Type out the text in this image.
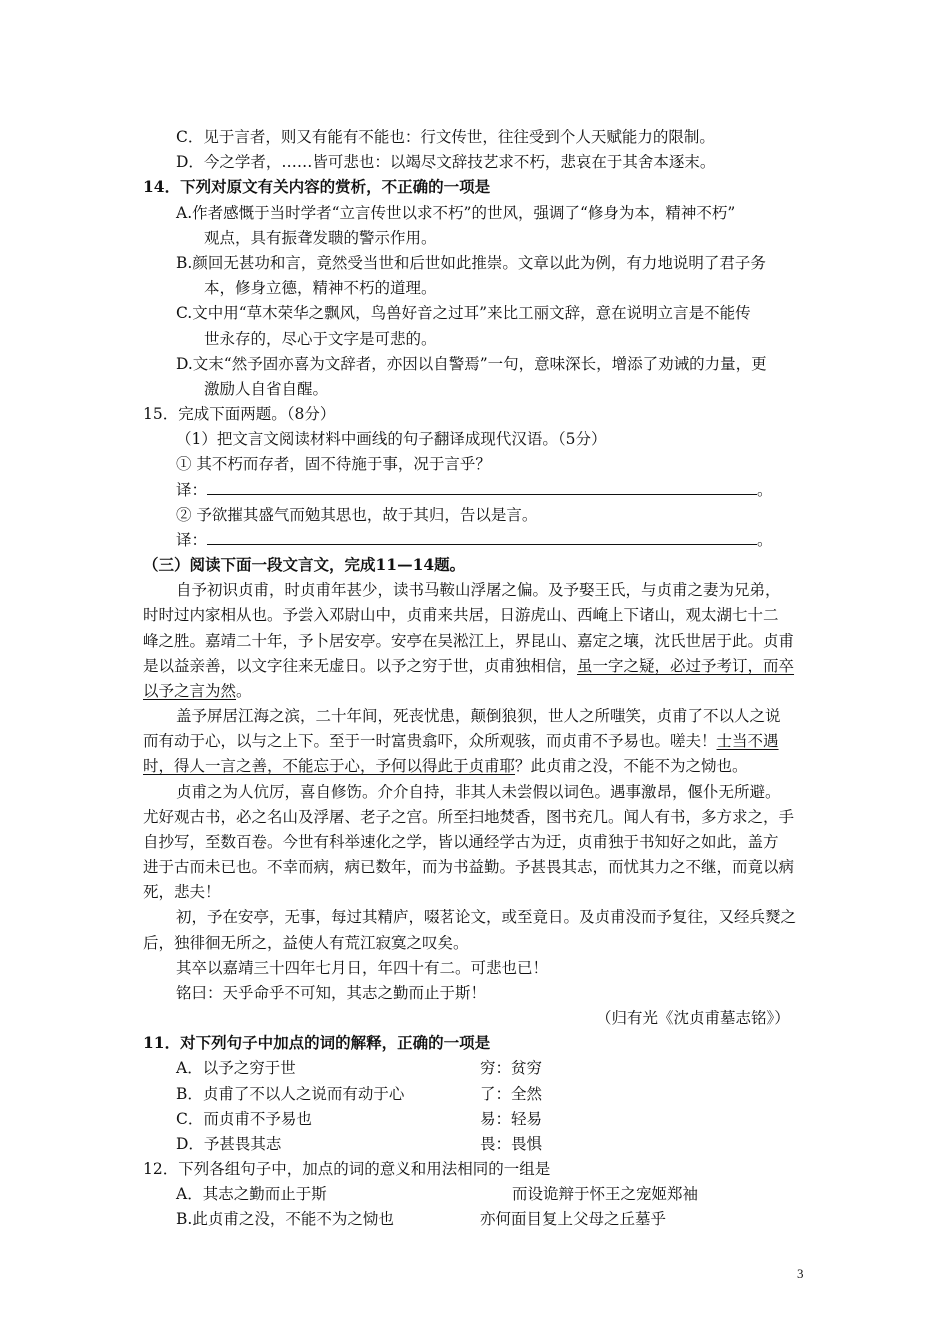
C．见于言者，则又有能有不能也：行文传世，往往受到个人天赋能力的限制。
D．今之学者，……皆可悲也：以竭尽文辞技艺求不朽，悲哀在于其舍本逐末。
14．下列对原文有关内容的赏析，不正确的一项是
A.作者感慨于当时学者“立言传世以求不朽”的世风，强调了“修身为本，精神不朽”
观点，具有振聋发聩的警示作用。
B.颜回无甚功和言，竟然受当世和后世如此推崇。文章以此为例，有力地说明了君子务
本，修身立德，精神不朽的道理。
C.文中用“草木荣华之飘风，鸟兽好音之过耳”来比工丽文辞，意在说明立言是不能传
世永存的，尽心于文字是可悲的。
D.文末“然予固亦喜为文辞者，亦因以自警焉”一句，意味深长，增添了劝诫的力量，更
激励人自省自醒。
15．完成下面两题。（8分）
（1）把文言文阅读材料中画线的句子翻译成现代汉语。（5分）
① 其不朽而存者，固不待施于事，况于言乎？
译：	。
② 予欲摧其盛气而勉其思也，故于其归，告以是言。
译：	。
（三）阅读下面一段文言文，完成11—14题。
自予初识贞甫，时贞甫年甚少，读书马鞍山浮屠之偏。及予娶王氏，与贞甫之妻为兄弟，
时时过内家相从也。予尝入邓尉山中，贞甫来共居，日游虎山、西崦上下诸山，观太湖七十二
峰之胜。嘉靖二十年，予卜居安亭。安亭在吴淞江上，界昆山、嘉定之壤，沈氏世居于此。贞甫
是以益亲善，以文字往来无虚日。以予之穷于世，贞甫独相信，虽一字之疑，必过予考订，而卒
以予之言为然。
盖予屏居江海之滨，二十年间，死丧忧患，颠倒狼狈，世人之所嗤笑，贞甫了不以人之说
而有动于心，以与之上下。至于一时富贵翕吓，众所观骇，而贞甫不予易也。嗟夫！士当不遇
时，得人一言之善，不能忘于心，予何以得此于贞甫耶？此贞甫之没，不能不为之恸也。
贞甫之为人伉厉，喜自修饬。介介自持，非其人未尝假以词色。遇事激昂，偃仆无所避。
尤好观古书，必之名山及浮屠、老子之宫。所至扫地焚香，图书充几。闻人有书，多方求之，手
自抄写，至数百卷。今世有科举速化之学，皆以通经学古为迂，贞甫独于书知好之如此，盖方
进于古而未已也。不幸而病，病已数年，而为书益勤。予甚畏其志，而忧其力之不继，而竟以病
死，悲夫！
初，予在安亭，无事，每过其精庐，啜茗论文，或至竟日。及贞甫没而予复往，又经兵燹之
后，独徘徊无所之，益使人有荒江寂寞之叹矣。
其卒以嘉靖三十四年七月日，年四十有二。可悲也已！
铭曰：天乎命乎不可知，其志之勤而止于斯！
（归有光《沈贞甫墓志铭》）
11．对下列句子中加点的词的解释，正确的一项是
A．以予之穷于世	穷：贫穷
B．贞甫了不以人之说而有动于心	了：全然
C．而贞甫不予易也	易：轻易
D．予甚畏其志	畏：畏惧
12．下列各组句子中，加点的词的意义和用法相同的一组是
A．其志之勤而止于斯	而设诡辩于怀王之宠姬郑袖
B.此贞甫之没，不能不为之恸也	亦何面目复上父母之丘墓乎
3
